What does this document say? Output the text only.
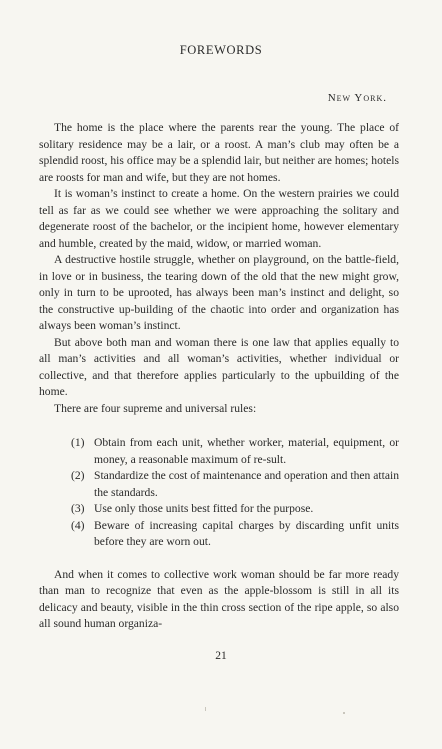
FOREWORDS
New York.

The home is the place where the parents rear the young. The place of solitary residence may be a lair, or a roost. A man’s club may often be a splendid roost, his office may be a splendid lair, but neither are homes; hotels are roosts for man and wife, but they are not homes.

It is woman’s instinct to create a home. On the western prairies we could tell as far as we could see whether we were approaching the solitary and degenerate roost of the bachelor, or the incipient home, however elementary and humble, created by the maid, widow, or married woman.

A destructive hostile struggle, whether on playground, on the battle-field, in love or in business, the tearing down of the old that the new might grow, only in turn to be uprooted, has always been man’s instinct and delight, so the constructive up-building of the chaotic into order and organization has always been woman’s instinct.

But above both man and woman there is one law that applies equally to all man’s activities and all woman’s activities, whether individual or collective, and that therefore applies particularly to the upbuilding of the home.

There are four supreme and universal rules:

(1) Obtain from each unit, whether worker, material, equipment, or money, a reasonable maximum of re-sult.
(2) Standardize the cost of maintenance and operation and then attain the standards.
(3) Use only those units best fitted for the purpose.
(4) Beware of increasing capital charges by discarding unfit units before they are worn out.

And when it comes to collective work woman should be far more ready than man to recognize that even as the apple-blossom is still in all its delicacy and beauty, visible in the thin cross section of the ripe apple, so also all sound human organiza-

21
